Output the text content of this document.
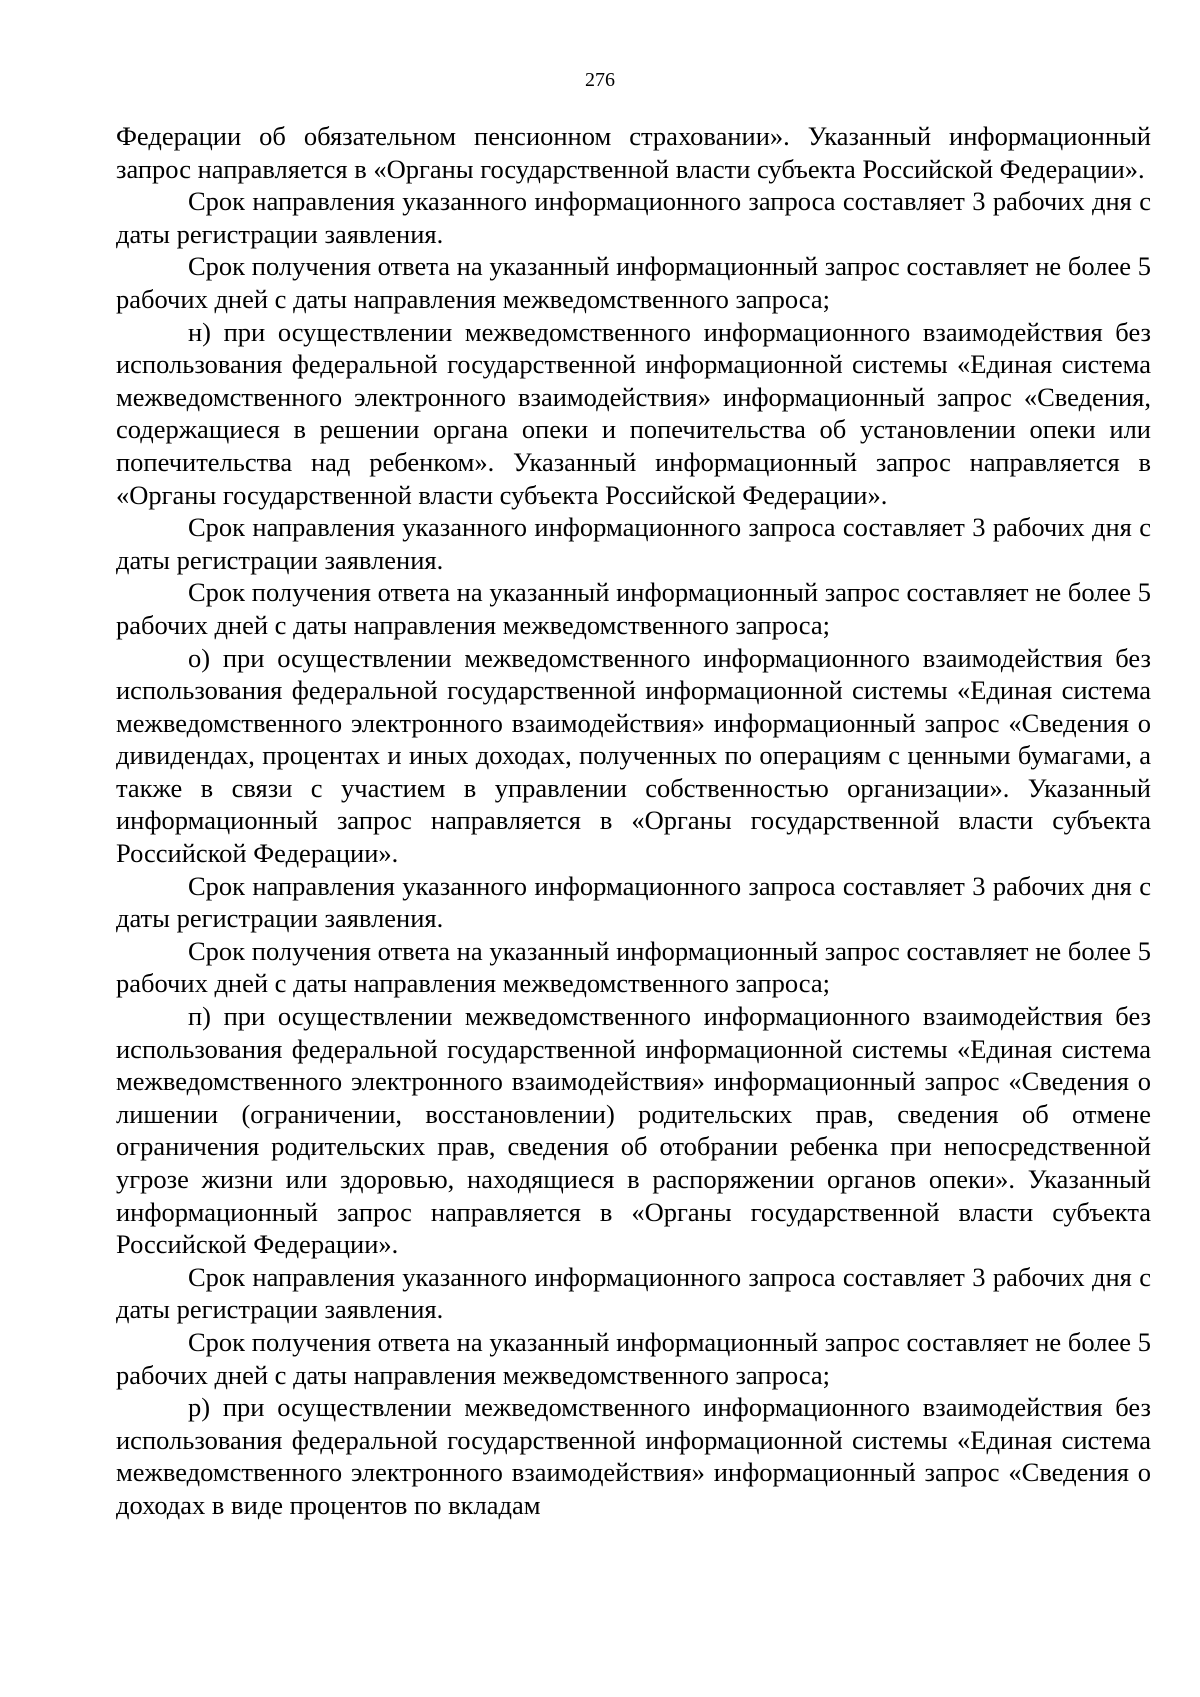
276

Федерации об обязательном пенсионном страховании». Указанный информационный запрос направляется в «Органы государственной власти субъекта Российской Федерации».

Срок направления указанного информационного запроса составляет 3 рабочих дня с даты регистрации заявления.

Срок получения ответа на указанный информационный запрос составляет не более 5 рабочих дней с даты направления межведомственного запроса;

н) при осуществлении межведомственного информационного взаимодействия без использования федеральной государственной информационной системы «Единая система межведомственного электронного взаимодействия» информационный запрос «Сведения, содержащиеся в решении органа опеки и попечительства об установлении опеки или попечительства над ребенком». Указанный информационный запрос направляется в «Органы государственной власти субъекта Российской Федерации».

Срок направления указанного информационного запроса составляет 3 рабочих дня с даты регистрации заявления.

Срок получения ответа на указанный информационный запрос составляет не более 5 рабочих дней с даты направления межведомственного запроса;

о) при осуществлении межведомственного информационного взаимодействия без использования федеральной государственной информационной системы «Единая система межведомственного электронного взаимодействия» информационный запрос «Сведения о дивидендах, процентах и иных доходах, полученных по операциям с ценными бумагами, а также в связи с участием в управлении собственностью организации». Указанный информационный запрос направляется в «Органы государственной власти субъекта Российской Федерации».

Срок направления указанного информационного запроса составляет 3 рабочих дня с даты регистрации заявления.

Срок получения ответа на указанный информационный запрос составляет не более 5 рабочих дней с даты направления межведомственного запроса;

п) при осуществлении межведомственного информационного взаимодействия без использования федеральной государственной информационной системы «Единая система межведомственного электронного взаимодействия» информационный запрос «Сведения о лишении (ограничении, восстановлении) родительских прав, сведения об отмене ограничения родительских прав, сведения об отобрании ребенка при непосредственной угрозе жизни или здоровью, находящиеся в распоряжении органов опеки». Указанный информационный запрос направляется в «Органы государственной власти субъекта Российской Федерации».

Срок направления указанного информационного запроса составляет 3 рабочих дня с даты регистрации заявления.

Срок получения ответа на указанный информационный запрос составляет не более 5 рабочих дней с даты направления межведомственного запроса;

р) при осуществлении межведомственного информационного взаимодействия без использования федеральной государственной информационной системы «Единая система межведомственного электронного взаимодействия» информационный запрос «Сведения о доходах в виде процентов по вкладам
